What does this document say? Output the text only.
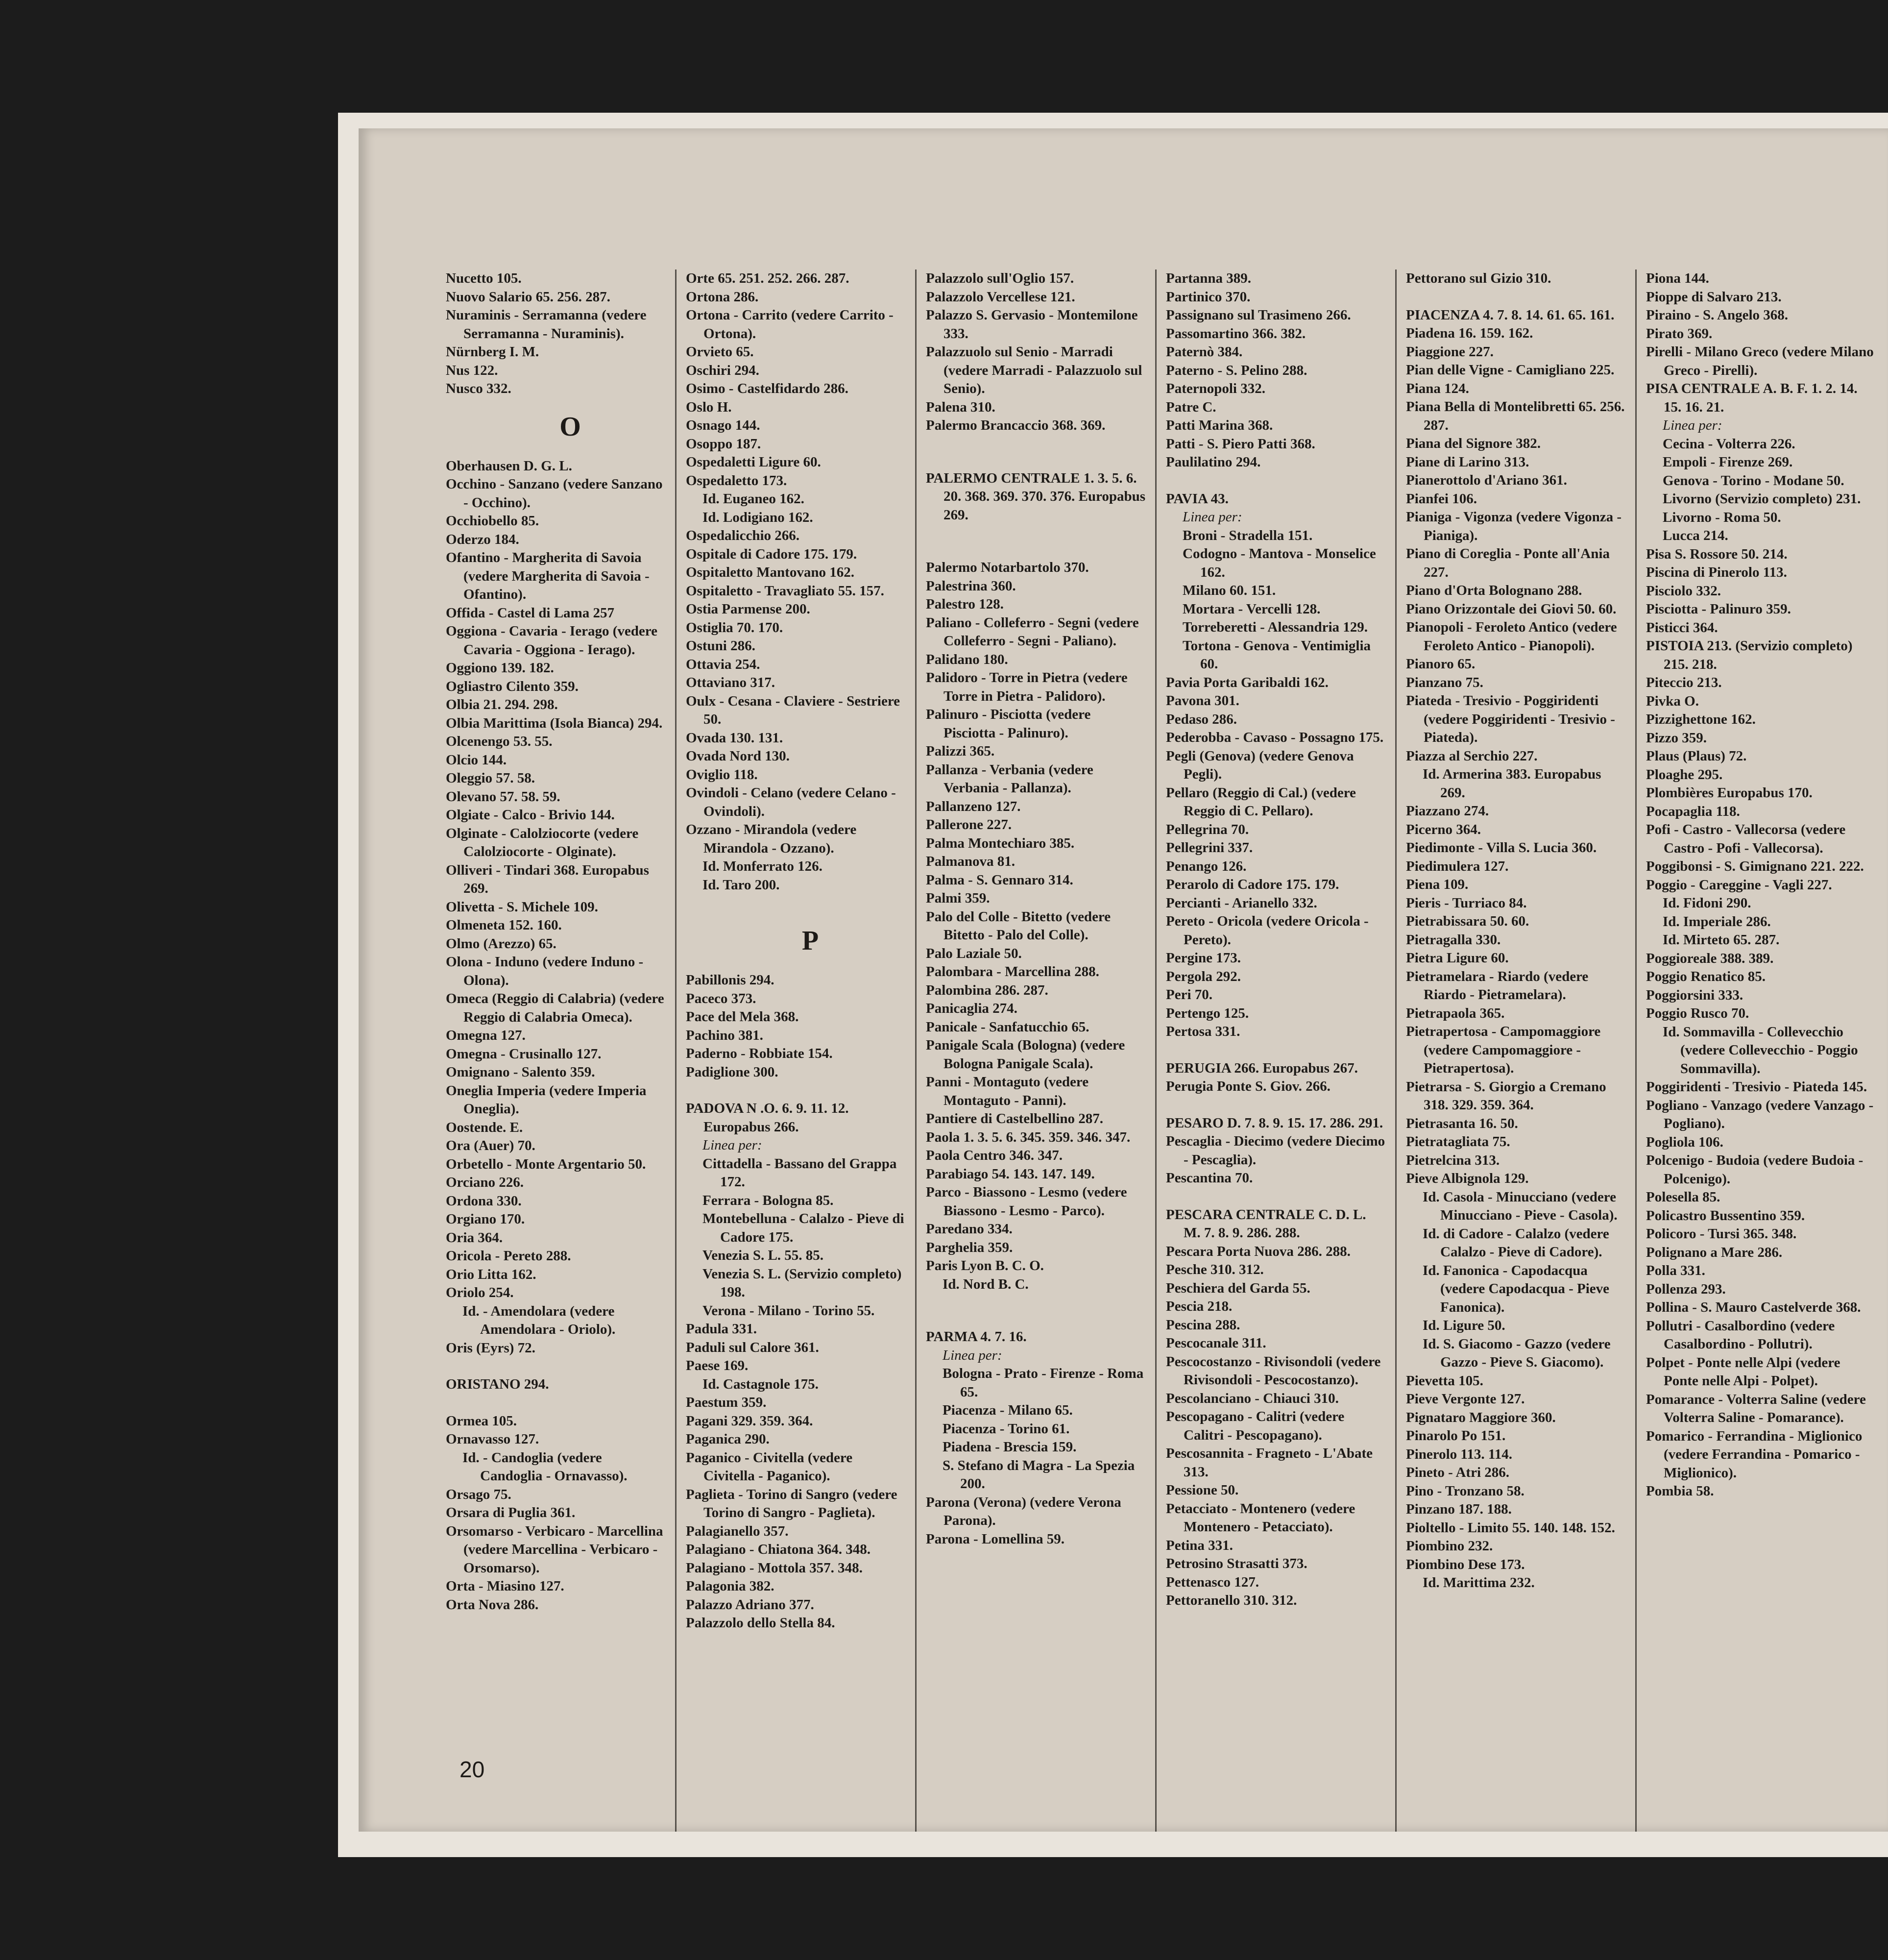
Nucetto 105.
Nuovo Salario 65. 256. 287.
Nuraminis - Serramanna (vedere Serramanna - Nuraminis).
Nürnberg I. M.
Nus 122.
Nusco 332.
O
Oberhausen D. G. L.
Occhino - Sanzano (vedere Sanzano - Occhino).
Occhiobello 85.
Oderzo 184.
Ofantino - Margherita di Savoia (vedere Margherita di Savoia - Ofantino).
Offida - Castel di Lama 257
Oggiona - Cavaria - Ierago (vedere Cavaria - Oggiona - Ierago).
Oggiono 139. 182.
Ogliastro Cilento 359.
Olbia 21. 294. 298.
Olbia Marittima (Isola Bianca) 294.
Olcenengo 53. 55.
Olcio 144.
Oleggio 57. 58.
Olevano 57. 58. 59.
Olgiate - Calco - Brivio 144.
Olginate - Calolziocorte (vedere Calolziocorte - Olginate).
Olliveri - Tindari 368. Europabus 269.
Olivetta - S. Michele 109.
Olmeneta 152. 160.
Olmo (Arezzo) 65.
Olona - Induno (vedere Induno - Olona).
Omeca (Reggio di Calabria) (vedere Reggio di Calabria Omeca).
Omegna 127.
Omegna - Crusinallo 127.
Omignano - Salento 359.
Oneglia Imperia (vedere Imperia Oneglia).
Oostende. E.
Ora (Auer) 70.
Orbetello - Monte Argentario 50.
Orciano 226.
Ordona 330.
Orgiano 170.
Oria 364.
Oricola - Pereto 288.
Orio Litta 162.
Oriolo 254.
Id. - Amendolara (vedere Amendolara - Oriolo).
Oris (Eyrs) 72.
ORISTANO 294.
Ormea 105.
Ornavasso 127.
Id. - Candoglia (vedere Candoglia - Ornavasso).
Orsago 75.
Orsara di Puglia 361.
Orsomarso - Verbicaro - Marcellina (vedere Marcellina - Verbicaro - Orsomarso).
Orta - Miasino 127.
Orta Nova 286.
Orte 65. 251. 252. 266. 287.
Ortona 286.
Ortona - Carrito (vedere Carrito - Ortona).
Orvieto 65.
Oschiri 294.
Osimo - Castelfidardo 286.
Oslo H.
Osnago 144.
Osoppo 187.
Ospedaletti Ligure 60.
Ospedaletto 173.
Id. Euganeo 162.
Id. Lodigiano 162.
Ospedalicchio 266.
Ospitale di Cadore 175. 179.
Ospitaletto Mantovano 162.
Ospitaletto - Travagliato 55. 157.
Ostia Parmense 200.
Ostiglia 70. 170.
Ostuni 286.
Ottavia 254.
Ottaviano 317.
Oulx - Cesana - Claviere - Sestriere 50.
Ovada 130. 131.
Ovada Nord 130.
Oviglio 118.
Ovindoli - Celano (vedere Celano - Ovindoli).
Ozzano - Mirandola (vedere Mirandola - Ozzano).
Id. Monferrato 126.
Id. Taro 200.
P
Pabillonis 294.
Paceco 373.
Pace del Mela 368.
Pachino 381.
Paderno - Robbiate 154.
Padiglione 300.
PADOVA N .O. 6. 9. 11. 12. Europabus 266.
Linea per:
Cittadella - Bassano del Grappa 172.
Ferrara - Bologna 85.
Montebelluna - Calalzo - Pieve di Cadore 175.
Venezia S. L. 55. 85.
Venezia S. L. (Servizio completo) 198.
Verona - Milano - Torino 55.
Padula 331.
Paduli sul Calore 361.
Paese 169.
Id. Castagnole 175.
Paestum 359.
Pagani 329. 359. 364.
Paganica 290.
Paganico - Civitella (vedere Civitella - Paganico).
Paglieta - Torino di Sangro (vedere Torino di Sangro - Paglieta).
Palagianello 357.
Palagiano - Chiatona 364. 348.
Palagiano - Mottola 357. 348.
Palagonia 382.
Palazzo Adriano 377.
Palazzolo dello Stella 84.
Palazzolo sull'Oglio 157.
Palazzolo Vercellese 121.
Palazzo S. Gervasio - Montemilone 333.
Palazzuolo sul Senio - Marradi (vedere Marradi - Palazzuolo sul Senio).
Palena 310.
Palermo Brancaccio 368. 369.
PALERMO CENTRALE 1. 3. 5. 6. 20. 368. 369. 370. 376. Europabus 269.
Palermo Notarbartolo 370.
Palestrina 360.
Palestro 128.
Paliano - Colleferro - Segni (vedere Colleferro - Segni - Paliano).
Palidano 180.
Palidoro - Torre in Pietra (vedere Torre in Pietra - Palidoro).
Palinuro - Pisciotta (vedere Pisciotta - Palinuro).
Palizzi 365.
Pallanza - Verbania (vedere Verbania - Pallanza).
Pallanzeno 127.
Pallerone 227.
Palma Montechiaro 385.
Palmanova 81.
Palma - S. Gennaro 314.
Palmi 359.
Palo del Colle - Bitetto (vedere Bitetto - Palo del Colle).
Palo Laziale 50.
Palombara - Marcellina 288.
Palombina 286. 287.
Panicaglia 274.
Panicale - Sanfatucchio 65.
Panigale Scala (Bologna) (vedere Bologna Panigale Scala).
Panni - Montaguto (vedere Montaguto - Panni).
Pantiere di Castelbellino 287.
Paola 1. 3. 5. 6. 345. 359. 346. 347.
Paola Centro 346. 347.
Parabiago 54. 143. 147. 149.
Parco - Biassono - Lesmo (vedere Biassono - Lesmo - Parco).
Paredano 334.
Parghelia 359.
Paris Lyon B. C. O.
Id. Nord B. C.
PARMA 4. 7. 16.
Linea per:
Bologna - Prato - Firenze - Roma 65.
Piacenza - Milano 65.
Piacenza - Torino 61.
Piadena - Brescia 159.
S. Stefano di Magra - La Spezia 200.
Parona (Verona) (vedere Verona Parona).
Parona - Lomellina 59.
Partanna 389.
Partinico 370.
Passignano sul Trasimeno 266.
Passomartino 366. 382.
Paternò 384.
Paterno - S. Pelino 288.
Paternopoli 332.
Patre C.
Patti Marina 368.
Patti - S. Piero Patti 368.
Paulilatino 294.
PAVIA 43.
Linea per:
Broni - Stradella 151.
Codogno - Mantova - Monselice 162.
Milano 60. 151.
Mortara - Vercelli 128.
Torreberetti - Alessandria 129.
Tortona - Genova - Ventimiglia 60.
Pavia Porta Garibaldi 162.
Pavona 301.
Pedaso 286.
Pederobba - Cavaso - Possagno 175.
Pegli (Genova) (vedere Genova Pegli).
Pellaro (Reggio di Cal.) (vedere Reggio di C. Pellaro).
Pellegrina 70.
Pellegrini 337.
Penango 126.
Perarolo di Cadore 175. 179.
Percianti - Arianello 332.
Pereto - Oricola (vedere Oricola - Pereto).
Pergine 173.
Pergola 292.
Peri 70.
Pertengo 125.
Pertosa 331.
PERUGIA 266. Europabus 267.
Perugia Ponte S. Giov. 266.
PESARO D. 7. 8. 9. 15. 17. 286. 291.
Pescaglia - Diecimo (vedere Diecimo - Pescaglia).
Pescantina 70.
PESCARA CENTRALE C. D. L. M. 7. 8. 9. 286. 288.
Pescara Porta Nuova 286. 288.
Pesche 310. 312.
Peschiera del Garda 55.
Pescia 218.
Pescina 288.
Pescocanale 311.
Pescocostanzo - Rivisondoli (vedere Rivisondoli - Pescocostanzo).
Pescolanciano - Chiauci 310.
Pescopagano - Calitri (vedere Calitri - Pescopagano).
Pescosannita - Fragneto - L'Abate 313.
Pessione 50.
Petacciato - Montenero (vedere Montenero - Petacciato).
Petina 331.
Petrosino Strasatti 373.
Pettenasco 127.
Pettoranello 310. 312.
Pettorano sul Gizio 310.
PIACENZA 4. 7. 8. 14. 61. 65. 161.
Piadena 16. 159. 162.
Piaggione 227.
Pian delle Vigne - Camigliano 225.
Piana 124.
Piana Bella di Montelibretti 65. 256. 287.
Piana del Signore 382.
Piane di Larino 313.
Pianerottolo d'Ariano 361.
Pianfei 106.
Pianiga - Vigonza (vedere Vigonza - Pianiga).
Piano di Coreglia - Ponte all'Ania 227.
Piano d'Orta Bolognano 288.
Piano Orizzontale dei Giovi 50. 60.
Pianopoli - Feroleto Antico (vedere Feroleto Antico - Pianopoli).
Pianoro 65.
Pianzano 75.
Piateda - Tresivio - Poggiridenti (vedere Poggiridenti - Tresivio - Piateda).
Piazza al Serchio 227.
Id. Armerina 383. Europabus 269.
Piazzano 274.
Picerno 364.
Piedimonte - Villa S. Lucia 360.
Piedimulera 127.
Piena 109.
Pieris - Turriaco 84.
Pietrabissara 50. 60.
Pietragalla 330.
Pietra Ligure 60.
Pietramelara - Riardo (vedere Riardo - Pietramelara).
Pietrapaola 365.
Pietrapertosa - Campomaggiore (vedere Campomaggiore - Pietrapertosa).
Pietrarsa - S. Giorgio a Cremano 318. 329. 359. 364.
Pietrasanta 16. 50.
Pietratagliata 75.
Pietrelcina 313.
Pieve Albignola 129.
Id. Casola - Minucciano (vedere Minucciano - Pieve - Casola).
Id. di Cadore - Calalzo (vedere Calalzo - Pieve di Cadore).
Id. Fanonica - Capodacqua (vedere Capodacqua - Pieve Fanonica).
Id. Ligure 50.
Id. S. Giacomo - Gazzo (vedere Gazzo - Pieve S. Giacomo).
Pievetta 105.
Pieve Vergonte 127.
Pignataro Maggiore 360.
Pinarolo Po 151.
Pinerolo 113. 114.
Pineto - Atri 286.
Pino - Tronzano 58.
Pinzano 187. 188.
Pioltello - Limito 55. 140. 148. 152.
Piombino 232.
Piombino Dese 173.
Id. Marittima 232.
Piona 144.
Pioppe di Salvaro 213.
Piraino - S. Angelo 368.
Pirato 369.
Pirelli - Milano Greco (vedere Milano Greco - Pirelli).
PISA CENTRALE A. B. F. 1. 2. 14. 15. 16. 21.
Linea per:
Cecina - Volterra 226.
Empoli - Firenze 269.
Genova - Torino - Modane 50.
Livorno (Servizio completo) 231.
Livorno - Roma 50.
Lucca 214.
Pisa S. Rossore 50. 214.
Piscina di Pinerolo 113.
Pisciolo 332.
Pisciotta - Palinuro 359.
Pisticci 364.
PISTOIA 213. (Servizio completo) 215. 218.
Piteccio 213.
Pivka O.
Pizzighettone 162.
Pizzo 359.
Plaus (Plaus) 72.
Ploaghe 295.
Plombières Europabus 170.
Pocapaglia 118.
Pofi - Castro - Vallecorsa (vedere Castro - Pofi - Vallecorsa).
Poggibonsi - S. Gimignano 221. 222.
Poggio - Careggine - Vagli 227.
Id. Fidoni 290.
Id. Imperiale 286.
Id. Mirteto 65. 287.
Poggioreale 388. 389.
Poggio Renatico 85.
Poggiorsini 333.
Poggio Rusco 70.
Id. Sommavilla - Collevecchio (vedere Collevecchio - Poggio Sommavilla).
Poggiridenti - Tresivio - Piateda 145.
Pogliano - Vanzago (vedere Vanzago - Pogliano).
Pogliola 106.
Polcenigo - Budoia (vedere Budoia - Polcenigo).
Polesella 85.
Policastro Bussentino 359.
Policoro - Tursi 365. 348.
Polignano a Mare 286.
Polla 331.
Pollenza 293.
Pollina - S. Mauro Castelverde 368.
Pollutri - Casalbordino (vedere Casalbordino - Pollutri).
Polpet - Ponte nelle Alpi (vedere Ponte nelle Alpi - Polpet).
Pomarance - Volterra Saline (vedere Volterra Saline - Pomarance).
Pomarico - Ferrandina - Miglionico (vedere Ferrandina - Pomarico - Miglionico).
Pombia 58.
20
